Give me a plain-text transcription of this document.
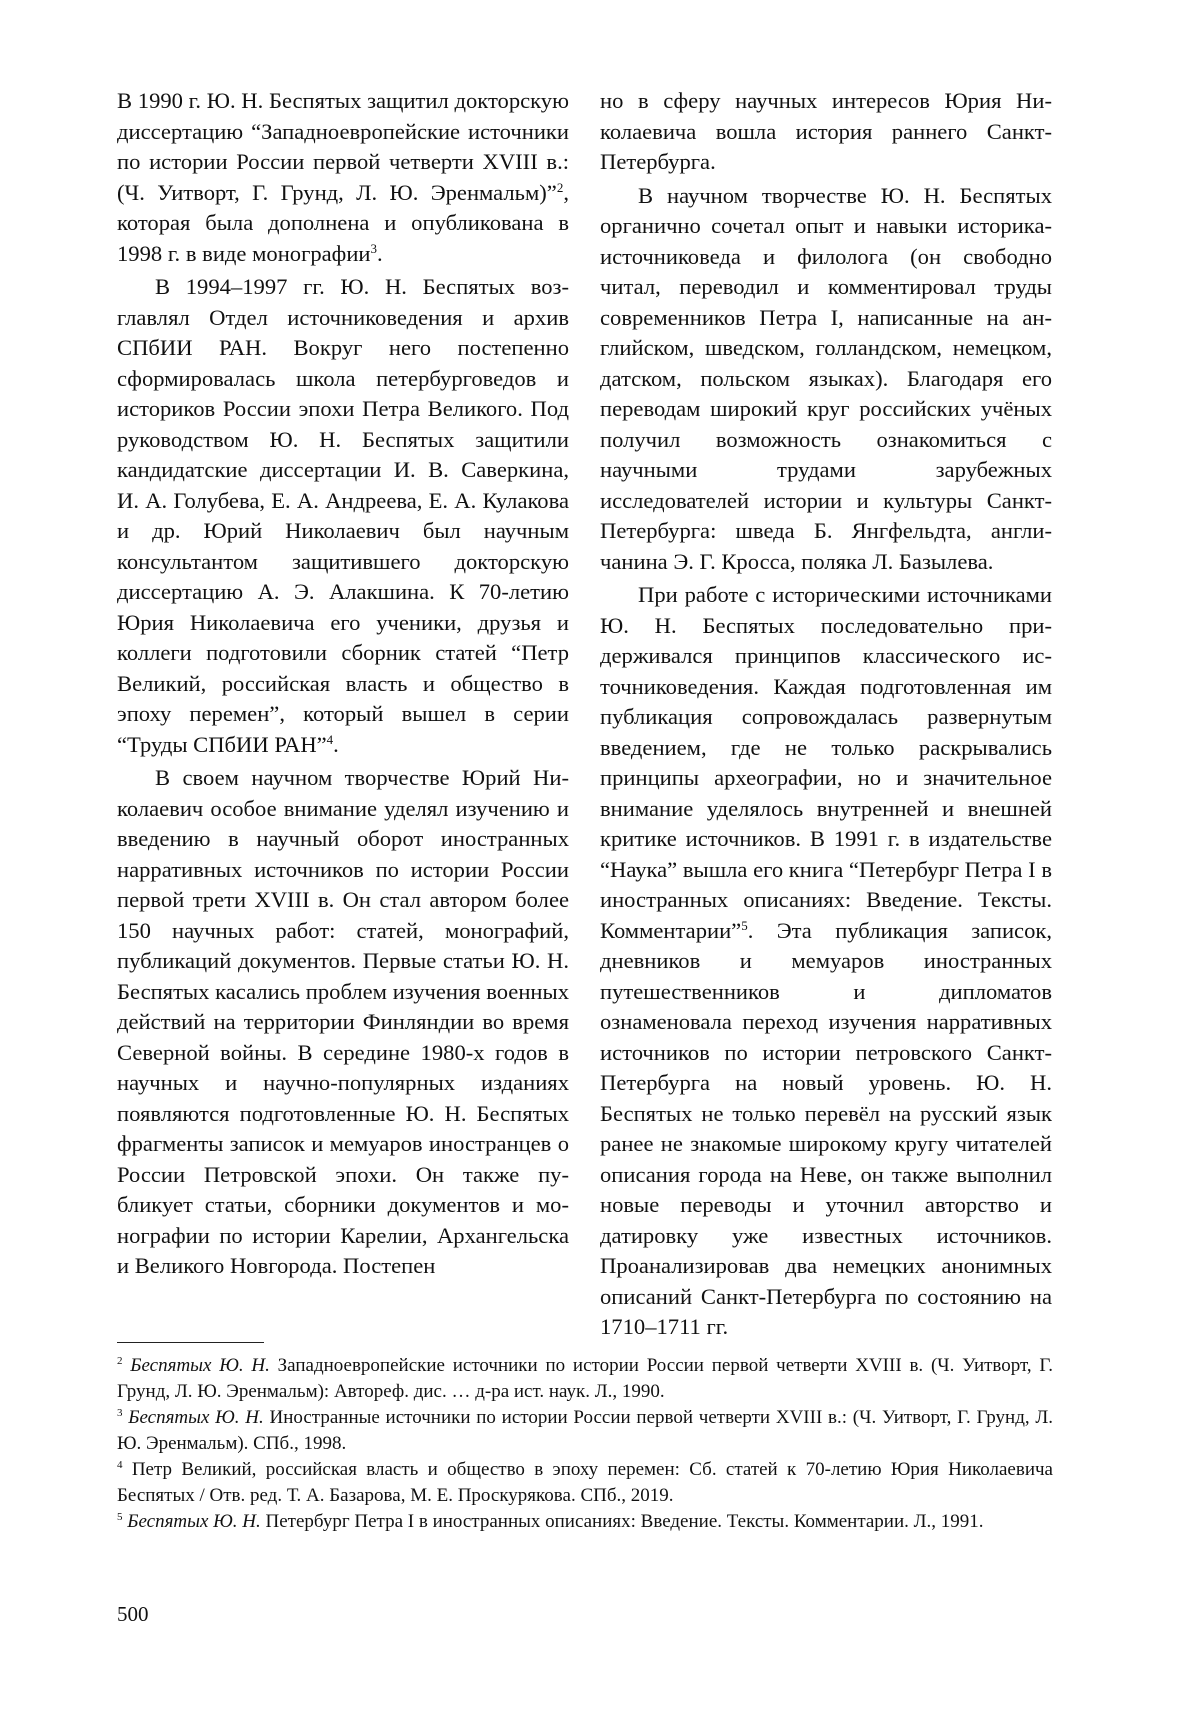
В 1990 г. Ю. Н. Беспятых защитил докторскую диссертацию “Западноевропейские источники по истории России первой четверти XVIII в.: (Ч. Уитворт, Г. Грунд, Л. Ю. Эренмальм)”$^2$, которая была дополнена и опубликована в 1998 г. в виде монографии$^3$.

В 1994–1997 гг. Ю. Н. Беспятых возглавлял Отдел источниковедения и архив СПбИИ РАН. Вокруг него постепенно сформировалась школа петербурговедов и историков России эпохи Петра Великого. Под руководством Ю. Н. Беспятых защитили кандидатские диссертации И. В. Саверкина, И. А. Голубева, Е. А. Андреева, Е. А. Кулакова и др. Юрий Николаевич был научным консультантом защитившего докторскую диссертацию А. Э. Алакшина. К 70-летию Юрия Николаевича его ученики, друзья и коллеги подготовили сборник статей “Петр Великий, российская власть и общество в эпоху перемен”, который вышел в серии “Труды СПбИИ РАН”$^4$.

В своем научном творчестве Юрий Николаевич особое внимание уделял изучению и введению в научный оборот иностранных нарративных источников по истории России первой трети XVIII в. Он стал автором более 150 научных работ: статей, монографий, публикаций документов. Первые статьи Ю. Н. Беспятых касались проблем изучения военных действий на территории Финляндии во время Северной войны. В середине 1980-х годов в научных и научно-популярных изданиях появляются подготовленные Ю. Н. Беспятых фрагменты записок и мемуаров иностранцев о России Петровской эпохи. Он также публикует статьи, сборники документов и монографии по истории Карелии, Архангельска и Великого Новгорода. Постепен

но в сферу научных интересов Юрия Николаевича вошла история раннего Санкт-Петербурга.

В научном творчестве Ю. Н. Беспятых органично сочетал опыт и навыки историка-источниковеда и филолога (он свободно читал, переводил и комментировал труды современников Петра I, написанные на английском, шведском, голландском, немецком, датском, польском языках). Благодаря его переводам широкий круг российских учёных получил возможность ознакомиться с научными трудами зарубежных исследователей истории и культуры Санкт-Петербурга: шведа Б. Янгфельдта, англичанина Э. Г. Кросса, поляка Л. Базылева.

При работе с историческими источниками Ю. Н. Беспятых последовательно придерживался принципов классического источниковедения. Каждая подготовленная им публикация сопровождалась развернутым введением, где не только раскрывались принципы археографии, но и значительное внимание уделялось внутренней и внешней критике источников. В 1991 г. в издательстве “Наука” вышла его книга “Петербург Петра I в иностранных описаниях: Введение. Тексты. Комментарии”$^5$. Эта публикация записок, дневников и мемуаров иностранных путешественников и дипломатов ознаменовала переход изучения нарративных источников по истории петровского Санкт-Петербурга на новый уровень. Ю. Н. Беспятых не только перевёл на русский язык ранее не знакомые широкому кругу читателей описания города на Неве, он также выполнил новые переводы и уточнил авторство и датировку уже известных источников. Проанализировав два немецких анонимных описаний Санкт-Петербурга по состоянию на 1710–1711 гг.

$^2$ Беспятых Ю. Н. Западноевропейские источники по истории России первой четверти XVIII в. (Ч. Уитворт, Г. Грунд, Л. Ю. Эренмальм): Автореф. дис. … д-ра ист. наук. Л., 1990.

$^3$ Беспятых Ю. Н. Иностранные источники по истории России первой четверти XVIII в.: (Ч. Уитворт, Г. Грунд, Л. Ю. Эренмальм). СПб., 1998.

$^4$ Петр Великий, российская власть и общество в эпоху перемен: Сб. статей к 70-летию Юрия Николаевича Беспятых / Отв. ред. Т. А. Базарова, М. Е. Проскурякова. СПб., 2019.

$^5$ Беспятых Ю. Н. Петербург Петра I в иностранных описаниях: Введение. Тексты. Комментарии. Л., 1991.

500
